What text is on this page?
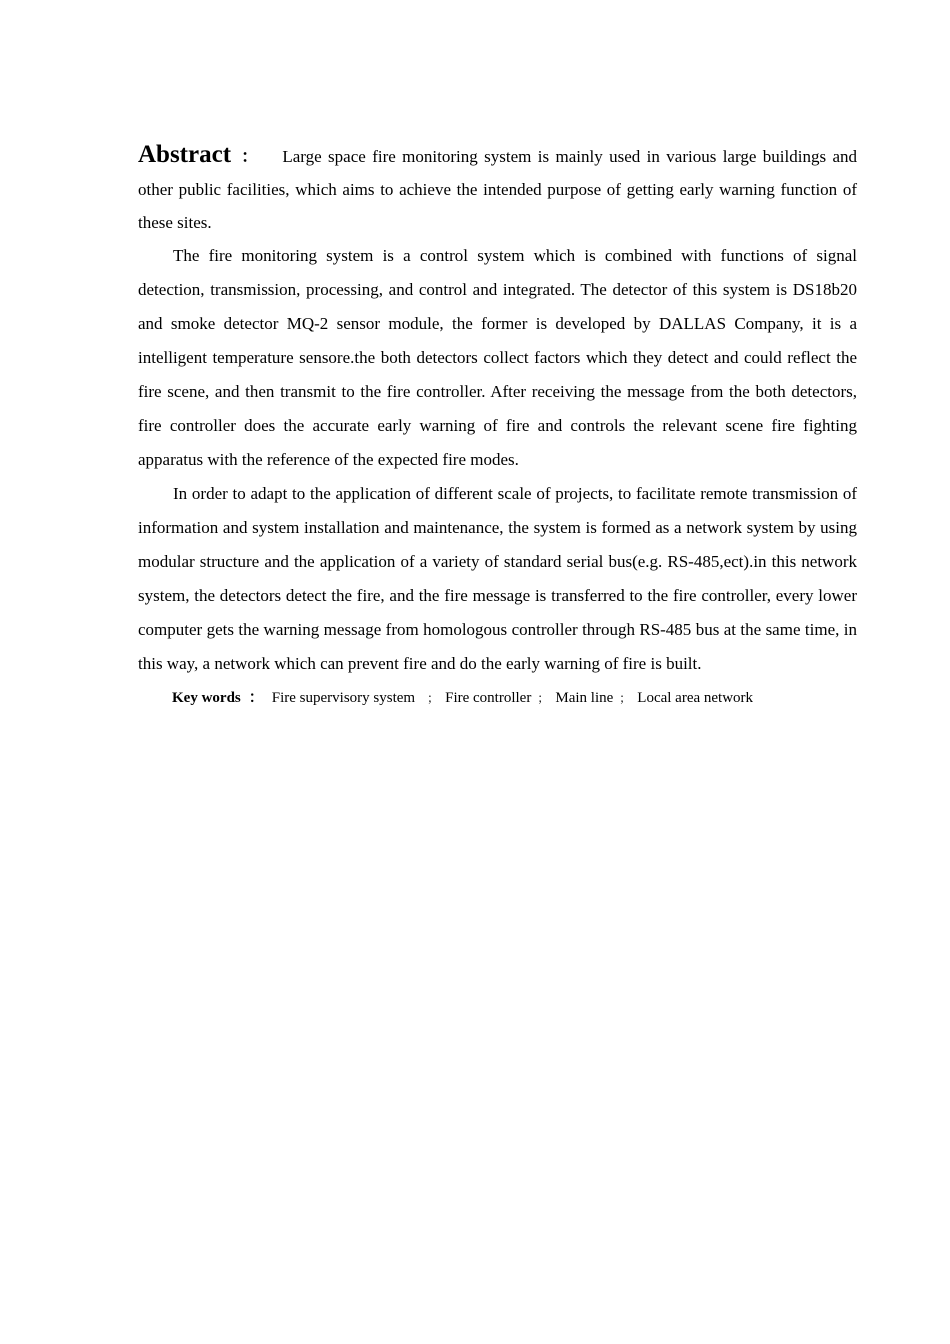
Abstract ： Large space fire monitoring system is mainly used in various large buildings and other public facilities, which aims to achieve the intended purpose of getting early warning function of these sites.

The fire monitoring system is a control system which is combined with functions of signal detection, transmission, processing, and control and integrated. The detector of this system is DS18b20 and smoke detector MQ-2 sensor module, the former is developed by DALLAS Company, it is a intelligent temperature sensore.the both detectors collect factors which they detect and could reflect the fire scene, and then transmit to the fire controller. After receiving the message from the both detectors, fire controller does the accurate early warning of fire and controls the relevant scene fire fighting apparatus with the reference of the expected fire modes.

In order to adapt to the application of different scale of projects, to facilitate remote transmission of information and system installation and maintenance, the system is formed as a network system by using modular structure and the application of a variety of standard serial bus(e.g. RS-485,ect).in this network system, the detectors detect the fire, and the fire message is transferred to the fire controller, every lower computer gets the warning message from homologous controller through RS-485 bus at the same time, in this way, a network which can prevent fire and do the early warning of fire is built.

Key words ： Fire supervisory system ； Fire controller ； Main line ； Local area network
